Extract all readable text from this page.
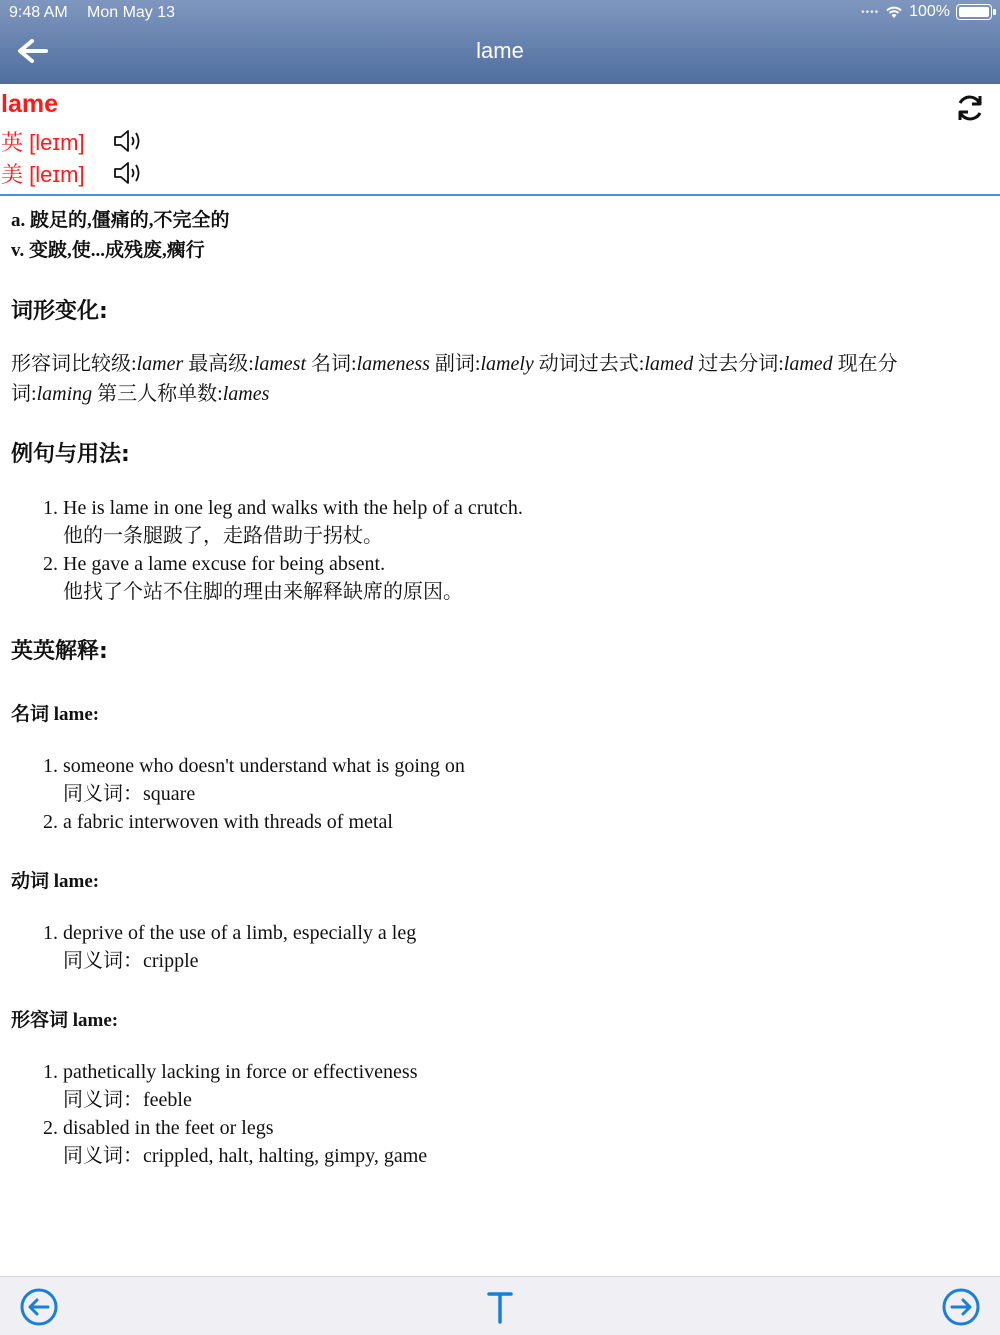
9:48 AM Mon May 13	•••• 100%
lame
lame
英 [leɪm]
美 [leɪm]
a. 跛足的,僵痛的,不完全的
v. 变跛,使...成残废,瘸行
词形变化:
形容词比较级:lamer 最高级:lamest 名词:lameness 副词:lamely 动词过去式:lamed 过去分词:lamed 现在分词:laming 第三人称单数:lames
例句与用法:
1. He is lame in one leg and walks with the help of a crutch.
他的一条腿跛了，走路借助于拐杖。
2. He gave a lame excuse for being absent.
他找了个站不住脚的理由来解释缺席的原因。
英英解释:
名词 lame:
1. someone who doesn't understand what is going on
同义词：square
2. a fabric interwoven with threads of metal
动词 lame:
1. deprive of the use of a limb, especially a leg
同义词：cripple
形容词 lame:
1. pathetically lacking in force or effectiveness
同义词：feeble
2. disabled in the feet or legs
同义词：crippled, halt, halting, gimpy, game
